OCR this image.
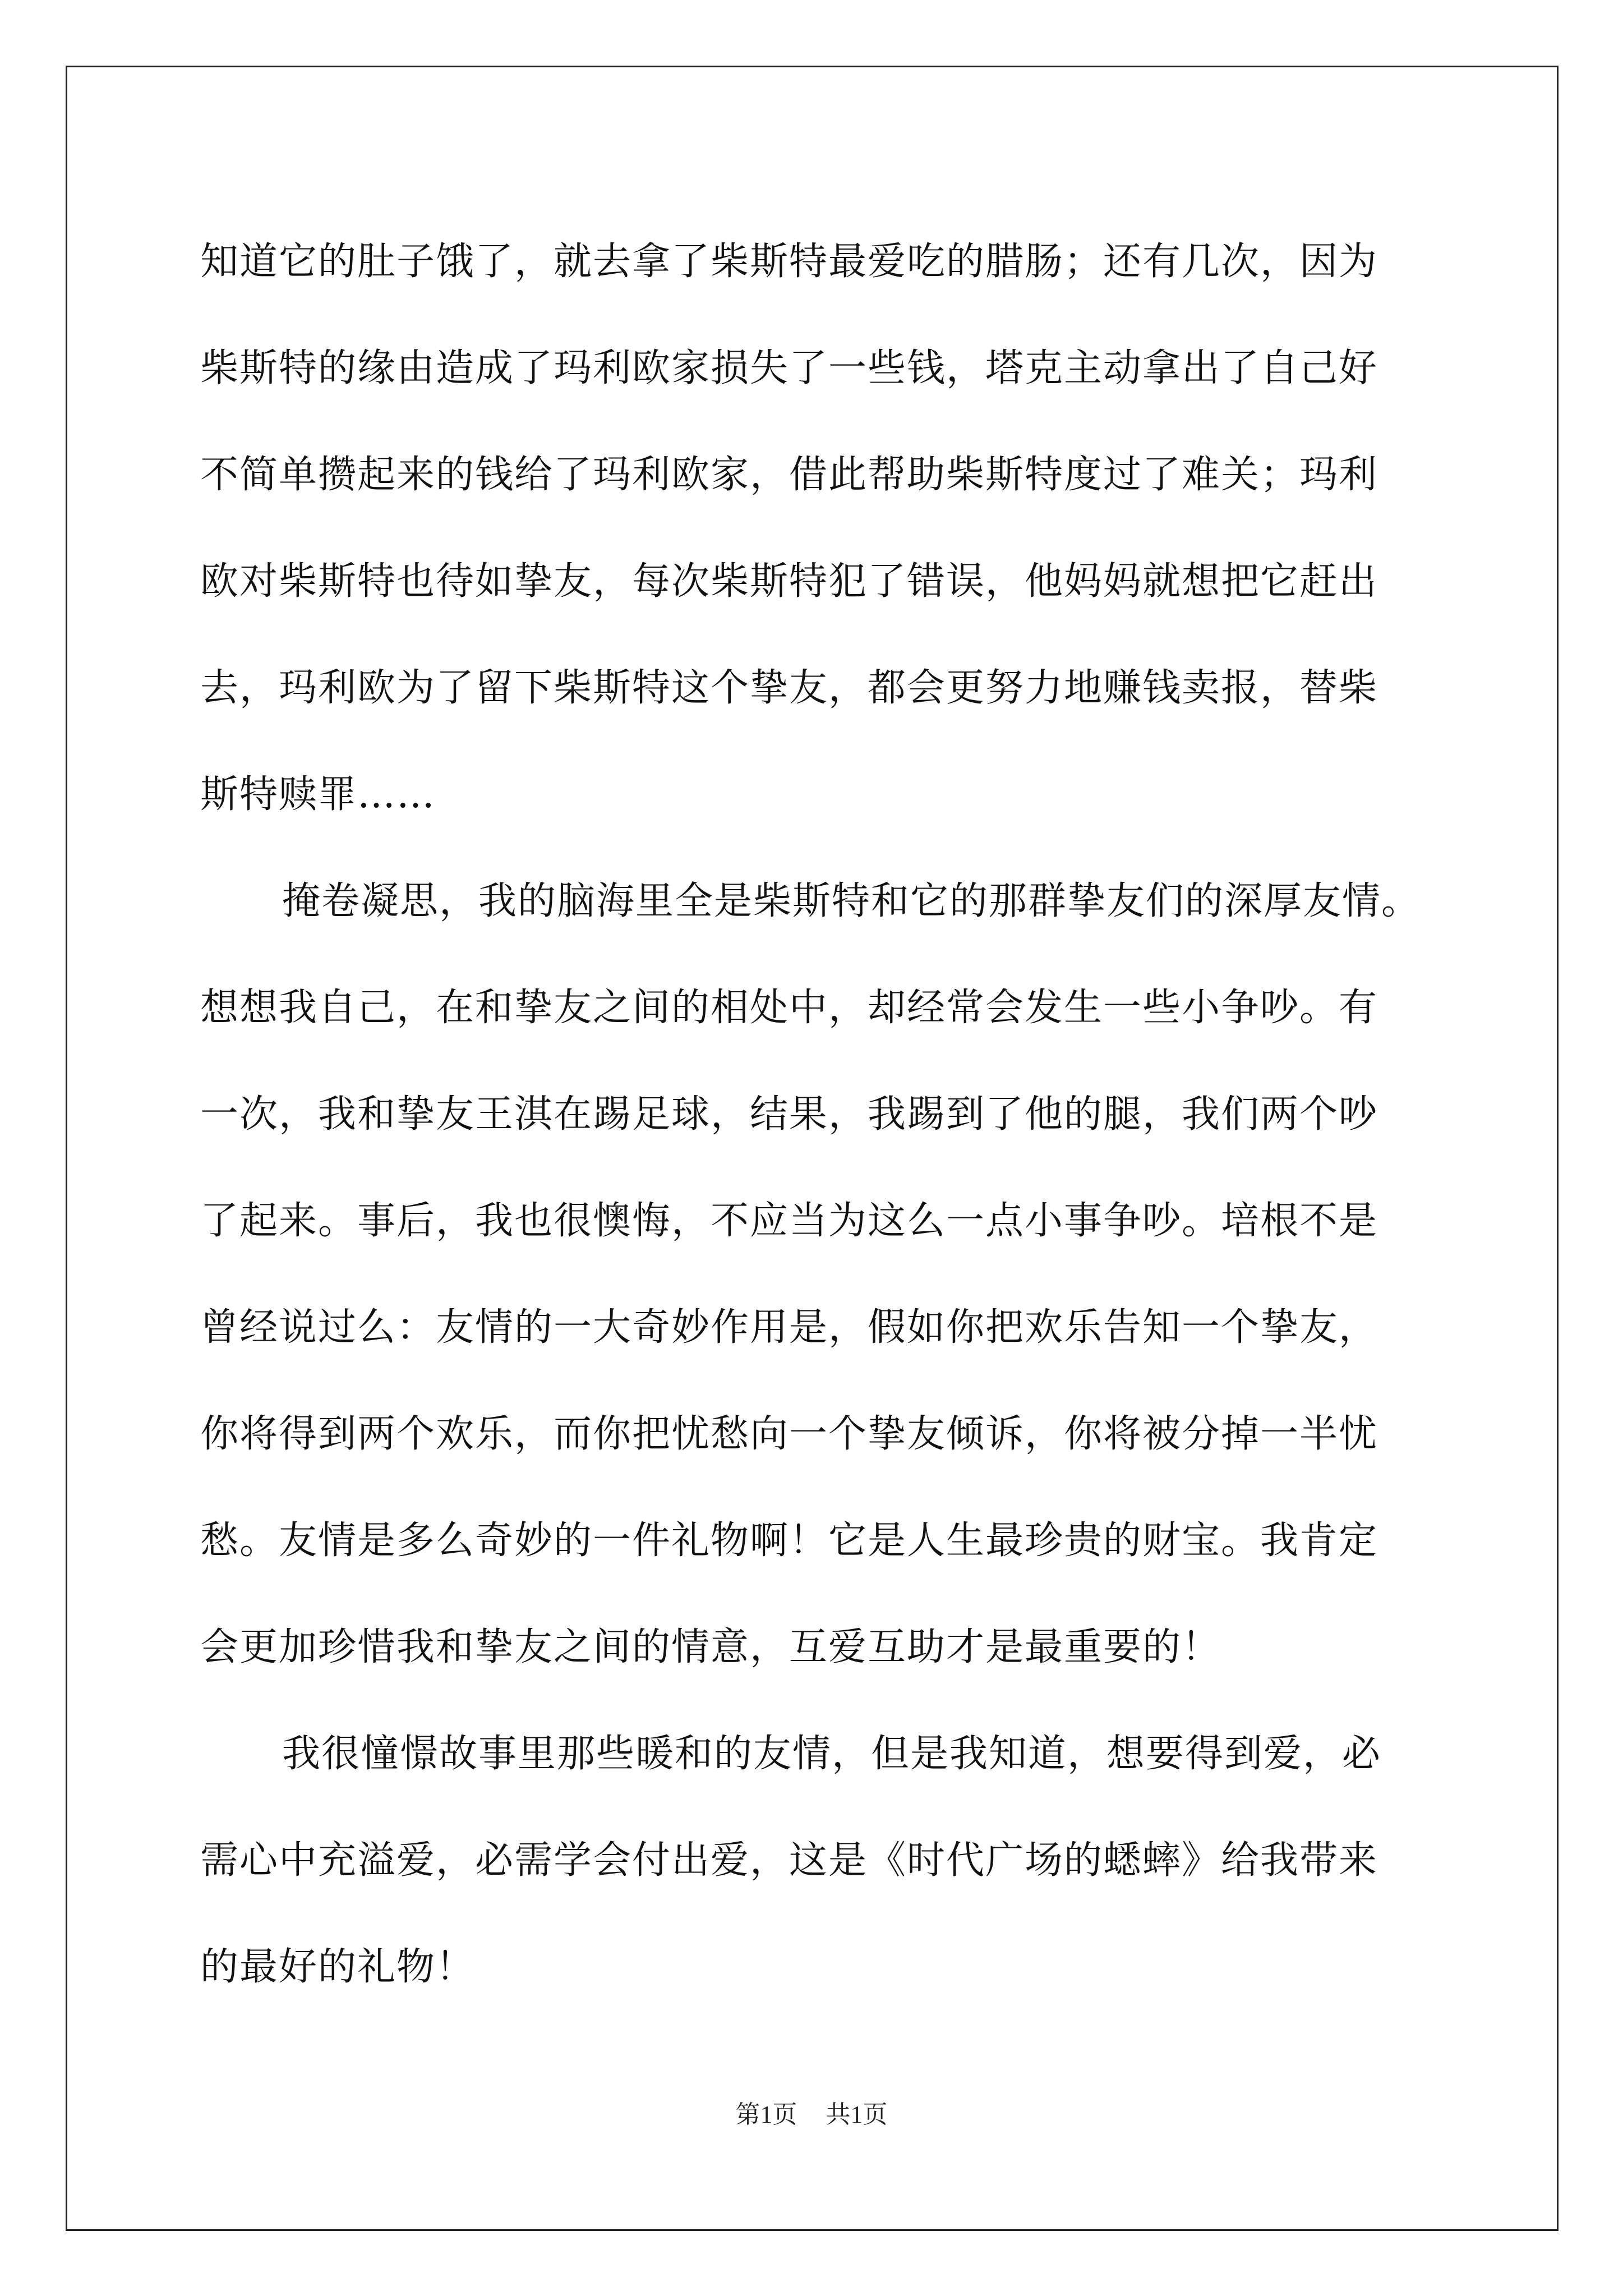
知道它的肚子饿了，就去拿了柴斯特最爱吃的腊肠；还有几次，因为
柴斯特的缘由造成了玛利欧家损失了一些钱，塔克主动拿出了自己好
不简单攒起来的钱给了玛利欧家，借此帮助柴斯特度过了难关；玛利
欧对柴斯特也待如挚友，每次柴斯特犯了错误，他妈妈就想把它赶出
去，玛利欧为了留下柴斯特这个挚友，都会更努力地赚钱卖报，替柴
斯特赎罪……
掩卷凝思，我的脑海里全是柴斯特和它的那群挚友们的深厚友情。
想想我自己，在和挚友之间的相处中，却经常会发生一些小争吵。有
一次，我和挚友王淇在踢足球，结果，我踢到了他的腿，我们两个吵
了起来。事后，我也很懊悔，不应当为这么一点小事争吵。培根不是
曾经说过么：友情的一大奇妙作用是，假如你把欢乐告知一个挚友，
你将得到两个欢乐，而你把忧愁向一个挚友倾诉，你将被分掉一半忧
愁。友情是多么奇妙的一件礼物啊！它是人生最珍贵的财宝。我肯定
会更加珍惜我和挚友之间的情意，互爱互助才是最重要的！
我很憧憬故事里那些暖和的友情，但是我知道，想要得到爱，必
需心中充溢爱，必需学会付出爱，这是《时代广场的蟋蟀》给我带来
的最好的礼物！
第1页 共1页
